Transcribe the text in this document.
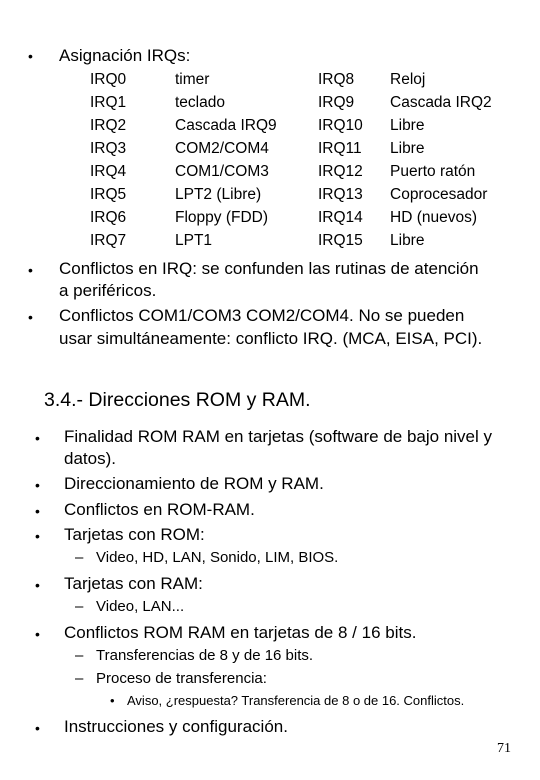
• Asignación IRQs:
IRQ0	timer	IRQ8 Reloj
IRQ1	teclado	IRQ9 Cascada IRQ2
IRQ2	Cascada IRQ9	IRQ10 Libre
IRQ3	COM2/COM4	IRQ11 Libre
IRQ4	COM1/COM3	IRQ12 Puerto ratón
IRQ5	LPT2 (Libre)	IRQ13 Coprocesador
IRQ6	Floppy (FDD)	IRQ14 HD (nuevos)
IRQ7	LPT1	IRQ15 Libre
• Conflictos en IRQ: se confunden las rutinas de atención
a periféricos.
• Conflictos COM1/COM3 COM2/COM4. No se pueden
usar simultáneamente: conflicto IRQ. (MCA, EISA, PCI).
3.4.- Direcciones ROM y RAM.
• Finalidad ROM RAM en tarjetas (software de bajo nivel y
datos).
• Direccionamiento de ROM y RAM.
• Conflictos en ROM-RAM.
• Tarjetas con ROM:
– Video, HD, LAN, Sonido, LIM, BIOS.
• Tarjetas con RAM:
– Video, LAN...
• Conflictos ROM RAM en tarjetas de 8 / 16 bits.
– Transferencias de 8 y de 16 bits.
– Proceso de transferencia:
• Aviso, ¿respuesta? Transferencia de 8 o de 16. Conflictos.
• Instrucciones y configuración.
71
